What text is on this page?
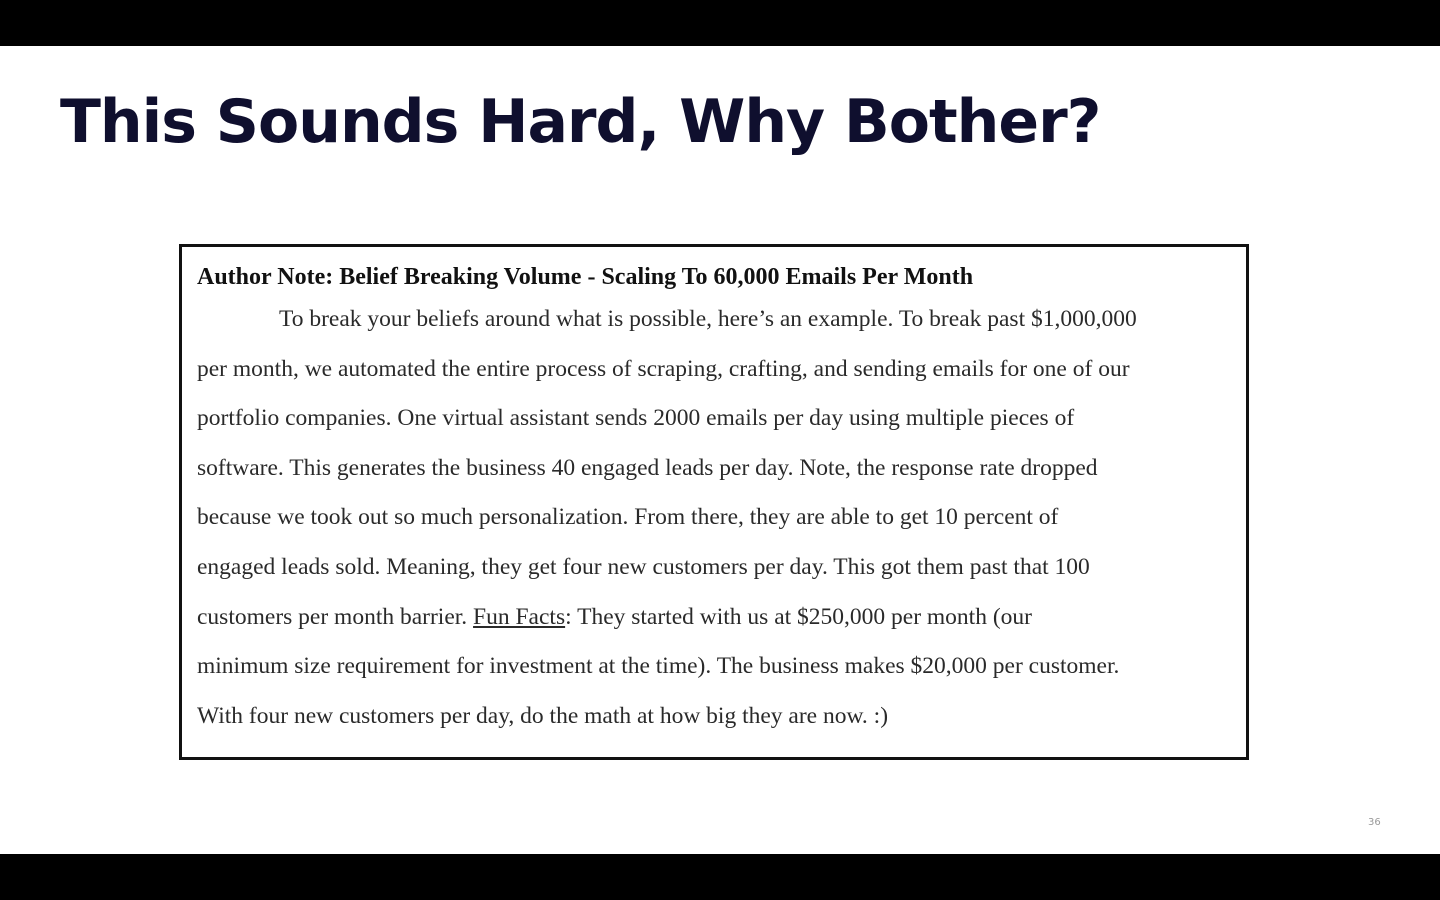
This Sounds Hard, Why Bother?
Author Note: Belief Breaking Volume - Scaling To 60,000 Emails Per Month

To break your beliefs around what is possible, here’s an example. To break past $1,000,000
per month, we automated the entire process of scraping, crafting, and sending emails for one of our
portfolio companies. One virtual assistant sends 2000 emails per day using multiple pieces of
software. This generates the business 40 engaged leads per day. Note, the response rate dropped
because we took out so much personalization. From there, they are able to get 10 percent of
engaged leads sold. Meaning, they get four new customers per day. This got them past that 100
customers per month barrier. Fun Facts: They started with us at $250,000 per month (our
minimum size requirement for investment at the time). The business makes $20,000 per customer.
With four new customers per day, do the math at how big they are now. :)

36
